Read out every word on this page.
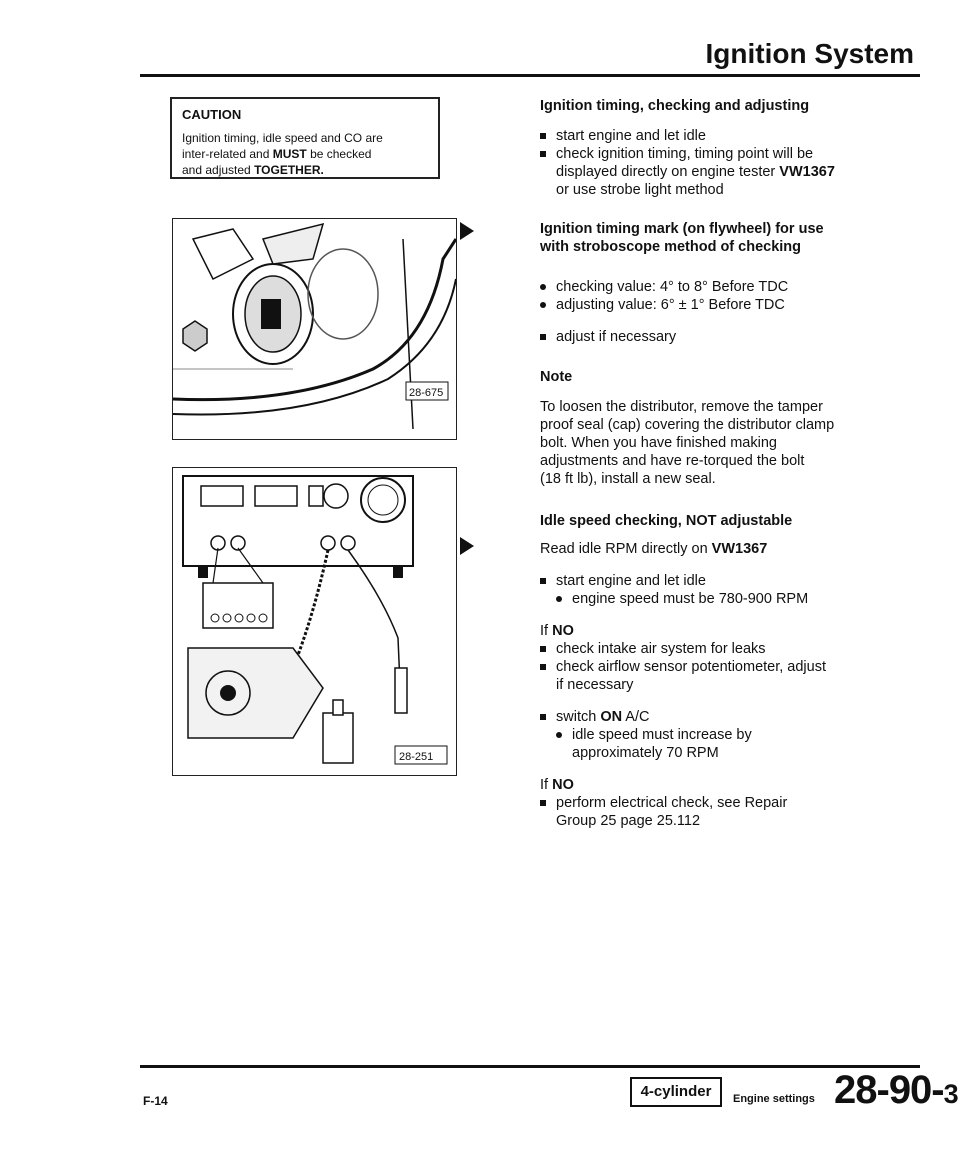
Ignition System
CAUTION
Ignition timing, idle speed and CO are
inter-related and MUST be checked
and adjusted TOGETHER.
28-675
28-251
Ignition timing, checking and adjusting
start engine and let idle
check ignition timing, timing point will be
displayed directly on engine tester VW1367
or use strobe light method
Ignition timing mark (on flywheel) for use
with stroboscope method of checking
checking value: 4° to 8° Before TDC
adjusting value: 6° ± 1° Before TDC
adjust if necessary
Note
To loosen the distributor, remove the tamper
proof seal (cap) covering the distributor clamp
bolt. When you have finished making
adjustments and have re-torqued the bolt
(18 ft lb), install a new seal.
Idle speed checking, NOT adjustable
Read idle RPM directly on VW1367
start engine and let idle
engine speed must be 780-900 RPM
If NO
check intake air system for leaks
check airflow sensor potentiometer, adjust
if necessary
switch ON A/C
idle speed must increase by
approximately 70 RPM
If NO
perform electrical check, see Repair
Group 25 page 25.112
F-14
4-cylinder	Engine settings 28-90-3
